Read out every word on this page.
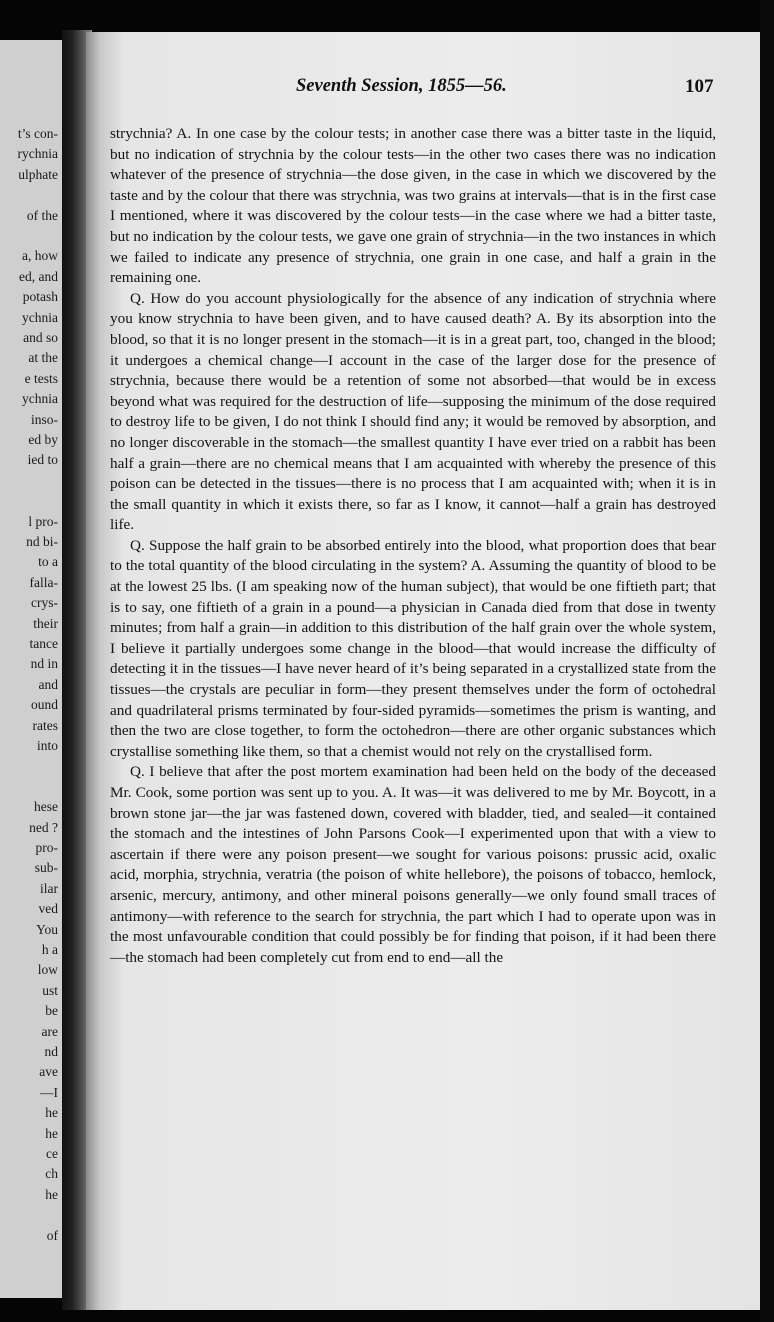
t’s con-
rychnia
ulphate
of the
a, how
ed, and
potash
ychnia
and so
at the
e tests
ychnia
inso-
ed by
ied to
l pro-
nd bi-
to a
falla-
crys-
their
tance
nd in
and
ound
rates
into
hese
ned ?
pro-
sub-
ilar
ved
You
h a
low
ust
be
are
nd
ave
—I
he
he
ce
ch
he
of
Seventh Session, 1855—56.	107

strychnia? A. In one case by the colour tests; in another case there was a bitter taste in the liquid, but no indication of strychnia by the colour tests—in the other two cases there was no indication whatever of the presence of strychnia—the dose given, in the case in which we discovered by the taste and by the colour that there was strychnia, was two grains at intervals—that is in the first case I mentioned, where it was discovered by the colour tests—in the case where we had a bitter taste, but no indication by the colour tests, we gave one grain of strychnia—in the two instances in which we failed to indicate any presence of strychnia, one grain in one case, and half a grain in the remaining one.

Q. How do you account physiologically for the absence of any indication of strychnia where you know strychnia to have been given, and to have caused death? A. By its absorption into the blood, so that it is no longer present in the stomach—it is in a great part, too, changed in the blood; it undergoes a chemical change—I account in the case of the larger dose for the presence of strychnia, because there would be a retention of some not absorbed—that would be in excess beyond what was required for the destruction of life—supposing the minimum of the dose required to destroy life to be given, I do not think I should find any; it would be removed by absorption, and no longer discoverable in the stomach—the smallest quantity I have ever tried on a rabbit has been half a grain—there are no chemical means that I am acquainted with whereby the presence of this poison can be detected in the tissues—there is no process that I am acquainted with; when it is in the small quantity in which it exists there, so far as I know, it cannot—half a grain has destroyed life.

Q. Suppose the half grain to be absorbed entirely into the blood, what proportion does that bear to the total quantity of the blood circulating in the system? A. Assuming the quantity of blood to be at the lowest 25 lbs. (I am speaking now of the human subject), that would be one fiftieth part; that is to say, one fiftieth of a grain in a pound—a physician in Canada died from that dose in twenty minutes; from half a grain—in addition to this distribution of the half grain over the whole system, I believe it partially undergoes some change in the blood—that would increase the difficulty of detecting it in the tissues—I have never heard of it’s being separated in a crystallized state from the tissues—the crystals are peculiar in form—they present themselves under the form of octohedral and quadrilateral prisms terminated by four-sided pyramids—sometimes the prism is wanting, and then the two are close together, to form the octohedron—there are other organic substances which crystallise something like them, so that a chemist would not rely on the crystallised form.

Q. I believe that after the post mortem examination had been held on the body of the deceased Mr. Cook, some portion was sent up to you. A. It was—it was delivered to me by Mr. Boycott, in a brown stone jar—the jar was fastened down, covered with bladder, tied, and sealed—it contained the stomach and the intestines of John Parsons Cook—I experimented upon that with a view to ascertain if there were any poison present—we sought for various poisons: prussic acid, oxalic acid, morphia, strychnia, veratria (the poison of white hellebore), the poisons of tobacco, hemlock, arsenic, mercury, antimony, and other mineral poisons generally—we only found small traces of antimony—with reference to the search for strychnia, the part which I had to operate upon was in the most unfavourable condition that could possibly be for finding that poison, if it had been there—the stomach had been completely cut from end to end—all the
